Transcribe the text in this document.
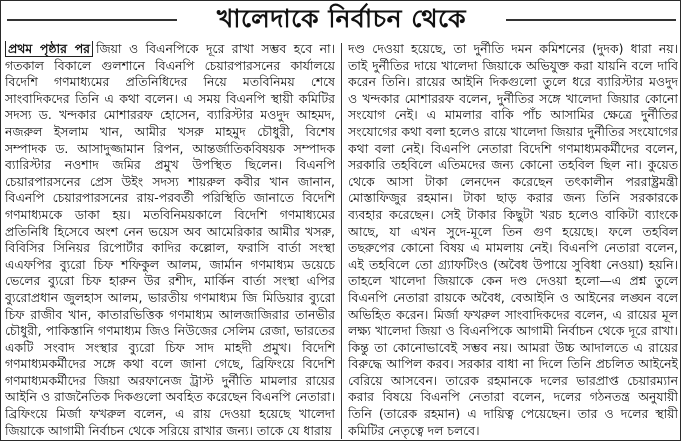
খালেদাকে নির্বাচন থেকে
প্রথম পৃষ্ঠার পর জিয়া ও বিএনপিকে দূরে রাখা সম্ভব হবে না।
গতকাল বিকালে গুলশানে বিএনপি চেয়ারপারসনের কার্যালয়ে
বিদেশি গণমাধ্যমের প্রতিনিধিদের নিয়ে মতবিনিময় শেষে
সাংবাদিকদের তিনি এ কথা বলেন। এ সময় বিএনপি স্থায়ী কমিটির
সদস্য ড. খন্দকার মোশাররফ হোসেন, ব্যারিস্টার মওদুদ আহমদ,
নজরুল ইসলাম খান, আমীর খসরু মাহমুদ চৌধুরী, বিশেষ
সম্পাদক ড. আসাদুজ্জামান রিপন, আন্তর্জাতিকবিষয়ক সম্পাদক
ব্যারিস্টার নওশাদ জমির প্রমুখ উপস্থিত ছিলেন। বিএনপি
চেয়ারপারসনের প্রেস উইং সদস্য শায়রুল কবীর খান জানান,
বিএনপি চেয়ারপারসনের রায়-পরবর্তী পরিস্থিতি জানাতে বিদেশি
গণমাধ্যমকে ডাকা হয়। মতবিনিময়কালে বিদেশি গণমাধ্যমের
প্রতিনিধি হিসেবে অংশ নেন ভয়েস অব আমেরিকার আমীর খসরু,
বিবিসির সিনিয়র রিপোর্টার কাদির কল্লোল, ফরাসি বার্তা সংস্থা
এএফপির ব্যুরো চিফ শফিকুল আলম, জার্মান গণমাধ্যম ডয়েচে
ভেলের ব্যুরো চিফ হারুন উর রশীদ, মার্কিন বার্তা সংস্থা এপির
ব্যুরোপ্রধান জুলহাস আলম, ভারতীয় গণমাধ্যম জি মিডিয়ার ব্যুরো
চিফ রাজীব খান, কাতারভিত্তিক গণমাধ্যম আলজাজিরার তানভীর
চৌধুরী, পাকিস্তানি গণমাধ্যম জিও নিউজের সেলিম রেজা, ভারতের
একটি সংবাদ সংস্থার ব্যুরো চিফ সাদ মাহদী প্রমুখ। বিদেশি
গণমাধ্যমকর্মীদের সঙ্গে কথা বলে জানা গেছে, ব্রিফিংয়ে বিদেশি
গণমাধ্যমকর্মীদের জিয়া অরফানেজ ট্রাস্ট দুর্নীতি মামলার রায়ের
আইনি ও রাজনৈতিক দিকগুলো অবহিত করেছেন বিএনপি নেতারা।
ব্রিফিংয়ে মির্জা ফখরুল বলেন, এ রায় দেওয়া হয়েছে খালেদা
জিয়াকে আগামী নির্বাচন থেকে সরিয়ে রাখার জন্য। তাকে যে ধারায়
দণ্ড দেওয়া হয়েছে, তা দুর্নীতি দমন কমিশনের (দুদক) ধারা নয়।
তাই দুর্নীতির দায়ে খালেদা জিয়াকে অভিযুক্ত করা যায়নি বলে দাবি
করেন তিনি। রায়ের আইনি দিকগুলো তুলে ধরে ব্যারিস্টার মওদুদ
ও খন্দকার মোশাররফ বলেন, দুর্নীতির সঙ্গে খালেদা জিয়ার কোনো
সংযোগ নেই। এ মামলার বাকি পাঁচ আসামির ক্ষেত্রে দুর্নীতির
সংযোগের কথা বলা হলেও রায়ে খালেদা জিয়ার দুর্নীতির সংযোগের
কথা বলা নেই। বিএনপি নেতারা বিদেশি গণমাধ্যমকর্মীদের বলেন,
সরকারি তহবিলে এতিমদের জন্য কোনো তহবিল ছিল না। কুয়েত
থেকে আসা টাকা লেনদেন করেছেন তৎকালীন পররাষ্ট্রমন্ত্রী
মোস্তাফিজুর রহমান। টাকা ছাড় করার জন্য তিনি সরকারকে
ব্যবহার করেছেন। সেই টাকার কিছুটা খরচ হলেও বাকিটা ব্যাংকে
আছে, যা এখন সুদে-মূলে তিন গুণ হয়েছে। ফলে তহবিল
তছরুপের কোনো বিষয় এ মামলায় নেই। বিএনপি নেতারা বলেন,
এই তহবিলে তো গ্র্যাফটিংও (অবৈধ উপায়ে সুবিধা নেওয়া) হয়নি।
তাহলে খালেদা জিয়াকে কেন দণ্ড দেওয়া হলো—এ প্রশ্ন তুলে
বিএনপি নেতারা রায়কে অবৈধ, বেআইনি ও আইনের লঙ্ঘন বলে
অভিহিত করেন। মির্জা ফখরুল সাংবাদিকদের বলেন, এ রায়ের মূল
লক্ষ্য খালেদা জিয়া ও বিএনপিকে আগামী নির্বাচন থেকে দূরে রাখা।
কিন্তু তা কোনোভাবেই সম্ভব নয়। আমরা উচ্চ আদালতে এ রায়ের
বিরুদ্ধে আপিল করব। সরকার বাধা না দিলে তিনি প্রচলিত আইনেই
বেরিয়ে আসবেন। তারেক রহমানকে দলের ভারপ্রাপ্ত চেয়ারম্যান
করার বিষয়ে বিএনপি নেতারা বলেন, দলের গঠনতন্ত্র অনুযায়ী
তিনি (তারেক রহমান) এ দায়িত্ব পেয়েছেন। তার ও দলের স্থায়ী
কমিটির নেতৃত্বে দল চলবে।
